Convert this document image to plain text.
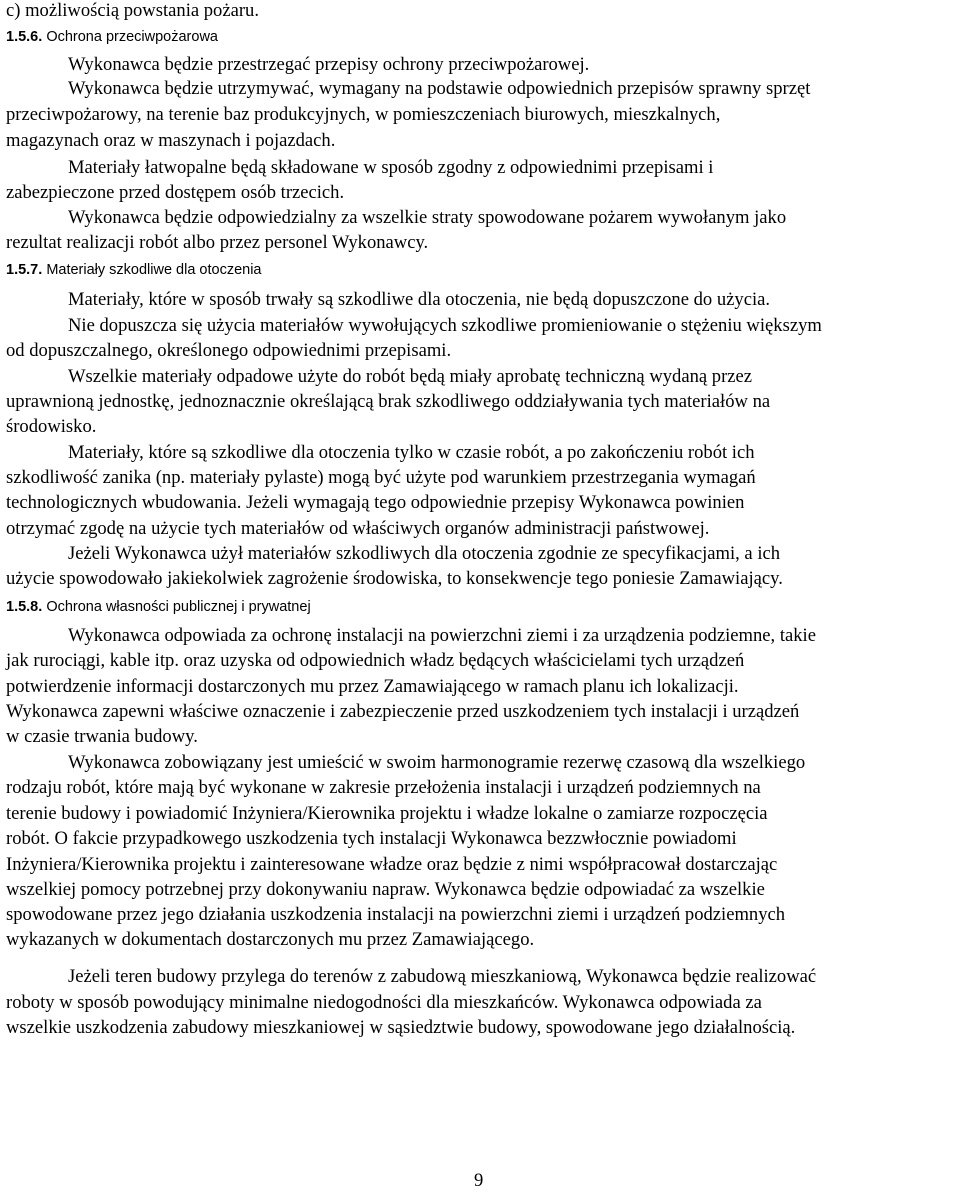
c) możliwością powstania pożaru.
1.5.6. Ochrona przeciwpożarowa
Wykonawca będzie przestrzegać przepisy ochrony przeciwpożarowej.
Wykonawca będzie utrzymywać, wymagany na podstawie odpowiednich przepisów sprawny sprzęt
przeciwpożarowy, na terenie baz produkcyjnych, w pomieszczeniach biurowych, mieszkalnych,
magazynach oraz w maszynach i pojazdach.
Materiały łatwopalne będą składowane w sposób zgodny z odpowiednimi przepisami i
zabezpieczone przed dostępem osób trzecich.
Wykonawca będzie odpowiedzialny za wszelkie straty spowodowane pożarem wywołanym jako
rezultat realizacji robót albo przez personel Wykonawcy.
1.5.7. Materiały szkodliwe dla otoczenia
Materiały, które w sposób trwały są szkodliwe dla otoczenia, nie będą dopuszczone do użycia.
Nie dopuszcza się użycia materiałów wywołujących szkodliwe promieniowanie o stężeniu większym
od dopuszczalnego, określonego odpowiednimi przepisami.
Wszelkie materiały odpadowe użyte do robót będą miały aprobatę techniczną wydaną przez
uprawnioną jednostkę, jednoznacznie określającą brak szkodliwego oddziaływania tych materiałów na
środowisko.
Materiały, które są szkodliwe dla otoczenia tylko w czasie robót, a po zakończeniu robót ich
szkodliwość zanika (np. materiały pylaste) mogą być użyte pod warunkiem przestrzegania wymagań
technologicznych wbudowania. Jeżeli wymagają tego odpowiednie przepisy Wykonawca powinien
otrzymać zgodę na użycie tych materiałów od właściwych organów administracji państwowej.
Jeżeli Wykonawca użył materiałów szkodliwych dla otoczenia zgodnie ze specyfikacjami, a ich
użycie spowodowało jakiekolwiek zagrożenie środowiska, to konsekwencje tego poniesie Zamawiający.
1.5.8. Ochrona własności publicznej i prywatnej
Wykonawca odpowiada za ochronę instalacji na powierzchni ziemi i za urządzenia podziemne, takie
jak rurociągi, kable itp. oraz uzyska od odpowiednich władz będących właścicielami tych urządzeń
potwierdzenie informacji dostarczonych mu przez Zamawiającego w ramach planu ich lokalizacji.
Wykonawca zapewni właściwe oznaczenie i zabezpieczenie przed uszkodzeniem tych instalacji i urządzeń
w czasie trwania budowy.
Wykonawca zobowiązany jest umieścić w swoim harmonogramie rezerwę czasową dla wszelkiego
rodzaju robót, które mają być wykonane w zakresie przełożenia instalacji i urządzeń podziemnych na
terenie budowy i powiadomić Inżyniera/Kierownika projektu i władze lokalne o zamiarze rozpoczęcia
robót. O fakcie przypadkowego uszkodzenia tych instalacji Wykonawca bezzwłocznie powiadomi
Inżyniera/Kierownika projektu i zainteresowane władze oraz będzie z nimi współpracował dostarczając
wszelkiej pomocy potrzebnej przy dokonywaniu napraw. Wykonawca będzie odpowiadać za wszelkie
spowodowane przez jego działania uszkodzenia instalacji na powierzchni ziemi i urządzeń podziemnych
wykazanych w dokumentach dostarczonych mu przez Zamawiającego.
Jeżeli teren budowy przylega do terenów z zabudową mieszkaniową, Wykonawca będzie realizować
roboty w sposób powodujący minimalne niedogodności dla mieszkańców. Wykonawca odpowiada za
wszelkie uszkodzenia zabudowy mieszkaniowej w sąsiedztwie budowy, spowodowane jego działalnością.
9
